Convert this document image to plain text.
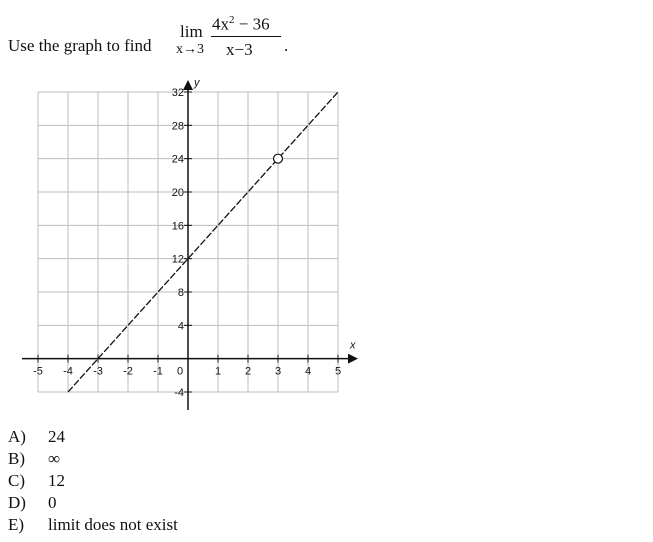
Use the graph to find
lim
x→3
$4x^2 - 36$
x−3 .
-5 -4 -3 -2 -1 0	1 2 3 4 5
32
28
24
20
16
12
8
4
-4
x
y
A)	24
B)	∞
C)	12
D)	0
E)	limit does not exist
